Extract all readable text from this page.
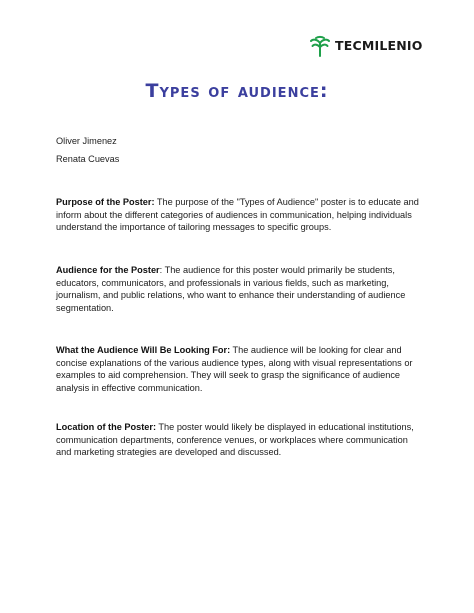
TECMILENIO
Types of audience:

Oliver Jimenez

Renata Cuevas

Purpose of the Poster: The purpose of the "Types of Audience" poster is to educate and inform about the different categories of audiences in communication, helping individuals understand the importance of tailoring messages to specific groups.

Audience for the Poster: The audience for this poster would primarily be students, educators, communicators, and professionals in various fields, such as marketing, journalism, and public relations, who want to enhance their understanding of audience segmentation.

What the Audience Will Be Looking For: The audience will be looking for clear and concise explanations of the various audience types, along with visual representations or examples to aid comprehension. They will seek to grasp the significance of audience analysis in effective communication.

Location of the Poster: The poster would likely be displayed in educational institutions, communication departments, conference venues, or workplaces where communication and marketing strategies are developed and discussed.
